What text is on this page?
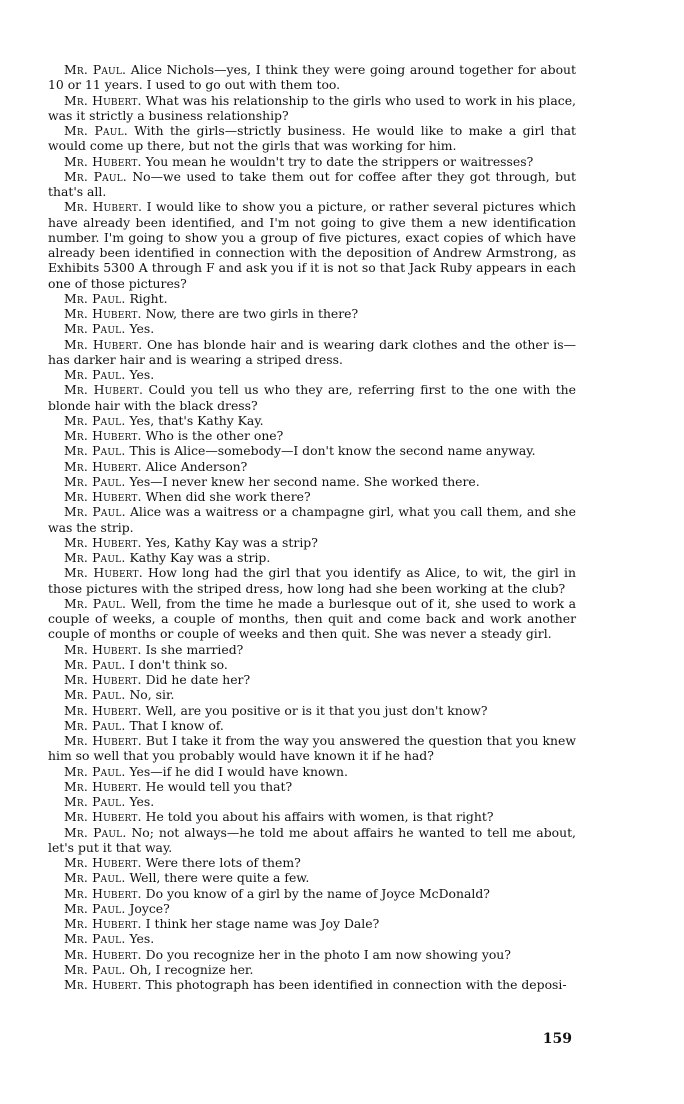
Mr. Paul. Alice Nichols—yes, I think they were going around together for about 10 or 11 years. I used to go out with them too.

Mr. Hubert. What was his relationship to the girls who used to work in his place, was it strictly a business relationship?

Mr. Paul. With the girls—strictly business. He would like to make a girl that would come up there, but not the girls that was working for him.

Mr. Hubert. You mean he wouldn't try to date the strippers or waitresses?

Mr. Paul. No—we used to take them out for coffee after they got through, but that's all.

Mr. Hubert. I would like to show you a picture, or rather several pictures which have already been identified, and I'm not going to give them a new identification number. I'm going to show you a group of five pictures, exact copies of which have already been identified in connection with the deposition of Andrew Armstrong, as Exhibits 5300 A through F and ask you if it is not so that Jack Ruby appears in each one of those pictures?

Mr. Paul. Right.

Mr. Hubert. Now, there are two girls in there?

Mr. Paul. Yes.

Mr. Hubert. One has blonde hair and is wearing dark clothes and the other is—has darker hair and is wearing a striped dress.

Mr. Paul. Yes.

Mr. Hubert. Could you tell us who they are, referring first to the one with the blonde hair with the black dress?

Mr. Paul. Yes, that's Kathy Kay.

Mr. Hubert. Who is the other one?

Mr. Paul. This is Alice—somebody—I don't know the second name anyway.

Mr. Hubert. Alice Anderson?

Mr. Paul. Yes—I never knew her second name. She worked there.

Mr. Hubert. When did she work there?

Mr. Paul. Alice was a waitress or a champagne girl, what you call them, and she was the strip.

Mr. Hubert. Yes, Kathy Kay was a strip?

Mr. Paul. Kathy Kay was a strip.

Mr. Hubert. How long had the girl that you identify as Alice, to wit, the girl in those pictures with the striped dress, how long had she been working at the club?

Mr. Paul. Well, from the time he made a burlesque out of it, she used to work a couple of weeks, a couple of months, then quit and come back and work another couple of months or couple of weeks and then quit. She was never a steady girl.

Mr. Hubert. Is she married?

Mr. Paul. I don't think so.

Mr. Hubert. Did he date her?

Mr. Paul. No, sir.

Mr. Hubert. Well, are you positive or is it that you just don't know?

Mr. Paul. That I know of.

Mr. Hubert. But I take it from the way you answered the question that you knew him so well that you probably would have known it if he had?

Mr. Paul. Yes—if he did I would have known.

Mr. Hubert. He would tell you that?

Mr. Paul. Yes.

Mr. Hubert. He told you about his affairs with women, is that right?

Mr. Paul. No; not always—he told me about affairs he wanted to tell me about, let's put it that way.

Mr. Hubert. Were there lots of them?

Mr. Paul. Well, there were quite a few.

Mr. Hubert. Do you know of a girl by the name of Joyce McDonald?

Mr. Paul. Joyce?

Mr. Hubert. I think her stage name was Joy Dale?

Mr. Paul. Yes.

Mr. Hubert. Do you recognize her in the photo I am now showing you?

Mr. Paul. Oh, I recognize her.

Mr. Hubert. This photograph has been identified in connection with the deposi-

159
